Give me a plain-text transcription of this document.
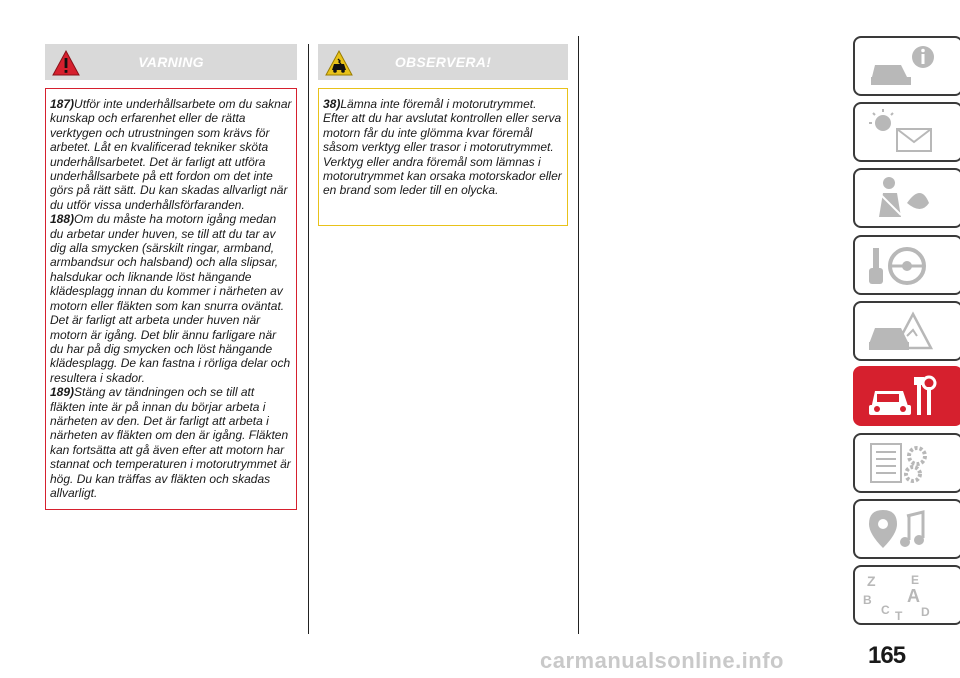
VARNING

187)Utför inte underhållsarbete om du saknar kunskap och erfarenhet eller de rätta verktygen och utrustningen som krävs för arbetet. Låt en kvalificerad tekniker sköta underhållsarbetet. Det är farligt att utföra underhållsarbete på ett fordon om det inte görs på rätt sätt. Du kan skadas allvarligt när du utför vissa underhållsförfaranden.

188)Om du måste ha motorn igång medan du arbetar under huven, se till att du tar av dig alla smycken (särskilt ringar, armband, armbandsur och halsband) och alla slipsar, halsdukar och liknande löst hängande klädesplagg innan du kommer i närheten av motorn eller fläkten som kan snurra oväntat. Det är farligt att arbeta under huven när motorn är igång. Det blir ännu farligare när du har på dig smycken och löst hängande klädesplagg. De kan fastna i rörliga delar och resultera i skador.

189)Stäng av tändningen och se till att fläkten inte är på innan du börjar arbeta i närheten av den. Det är farligt att arbeta i närheten av fläkten om den är igång. Fläkten kan fortsätta att gå även efter att motorn har stannat och temperaturen i motorutrymmet är hög. Du kan träffas av fläkten och skadas allvarligt.

OBSERVERA!

38)Lämna inte föremål i motorutrymmet. Efter att du har avslutat kontrollen eller serva motorn får du inte glömma kvar föremål såsom verktyg eller trasor i motorutrymmet. Verktyg eller andra föremål som lämnas i motorutrymmet kan orsaka motorskador eller en brand som leder till en olycka.

Z	E
B A
C	D
T
carmanualsonline.info	165
